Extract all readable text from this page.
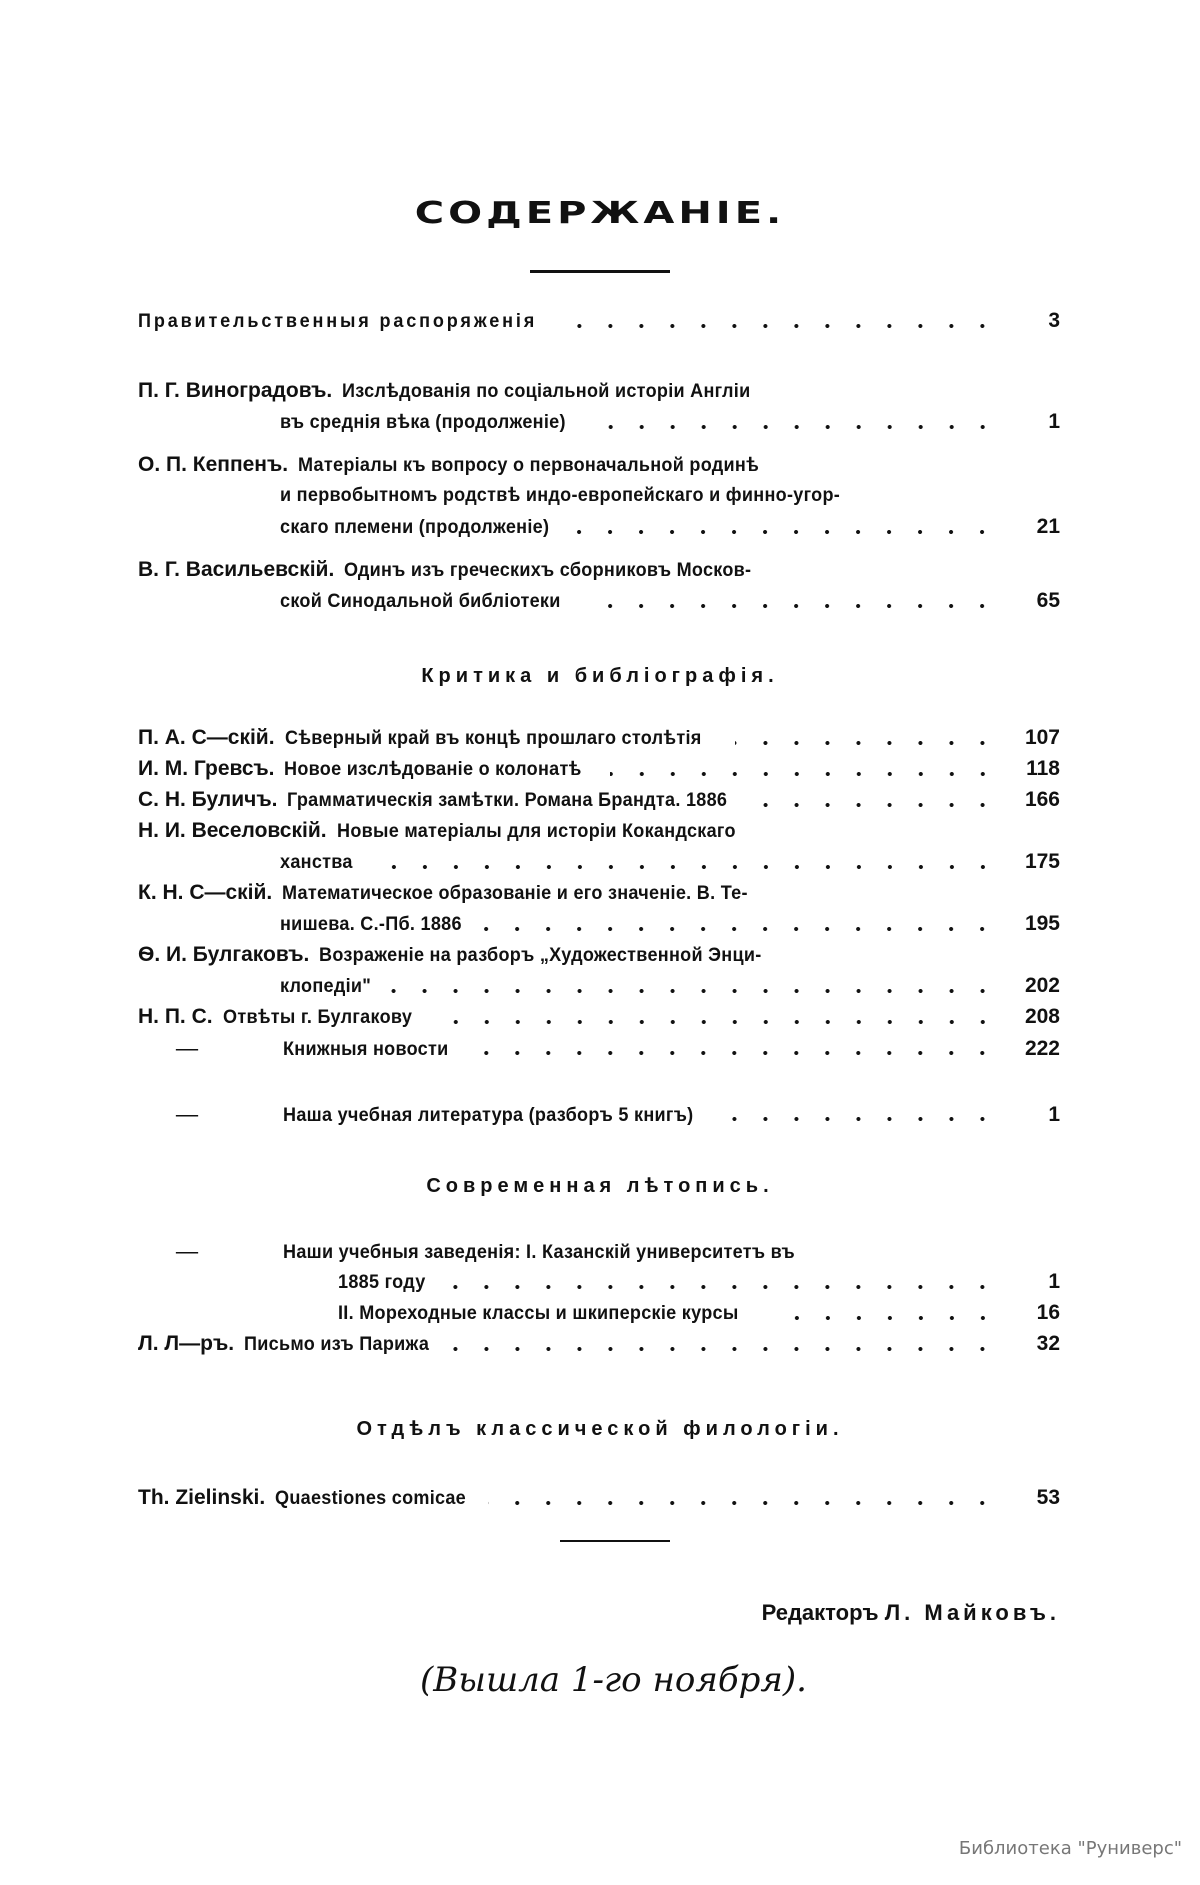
СОДЕРЖАНІЕ.
Правительственныя распоряженія	3
П. Г. Виноградовъ. Изслѣдованія по соціальной исторіи Англіи
въ среднія вѣка (продолженіе)	1
О. П. Кеппенъ. Матеріалы къ вопросу о первоначальной родинѣ
и первобытномъ родствѣ индо-европейскаго и финно-угор-
скаго племени (продолженіе)	21
В. Г. Васильевскій. Одинъ изъ греческихъ сборниковъ Москов-
ской Синодальной библіотеки	65
Критика и библіографія.
П. А. С—скій. Сѣверный край въ концѣ прошлаго столѣтія	107
И. М. Гревсъ. Новое изслѣдованіе о колонатѣ	118
С. Н. Буличъ. Грамматическія замѣтки. Романа Брандта. 1886	166
Н. И. Веселовскій. Новые матеріалы для исторіи Кокандскаго
ханства	175
К. Н. С—скій. Математическое образованіе и его значеніе. В. Те-
нишева. С.-Пб. 1886	195
Ѳ. И. Булгаковъ. Возраженіе на разборъ „Художественной Энци-
клопедіи"	202
Н. П. С. Отвѣты г. Булгакову	208
—	Книжныя новости	222
—	Наша учебная литература (разборъ 5 книгъ)	1
Современная лѣтопись.
—	Наши учебныя заведенія: I. Казанскій университетъ въ
1885 году	1
II. Мореходные классы и шкиперскіе курсы	16
Л. Л—ръ. Письмо изъ Парижа	32
Отдѣлъ классической филологіи.
Th. Zielinski. Quaestiones comicae	53
Редакторъ Л. Майковъ.
(Вышла 1-го ноября).
Библиотека "Руниверс"
